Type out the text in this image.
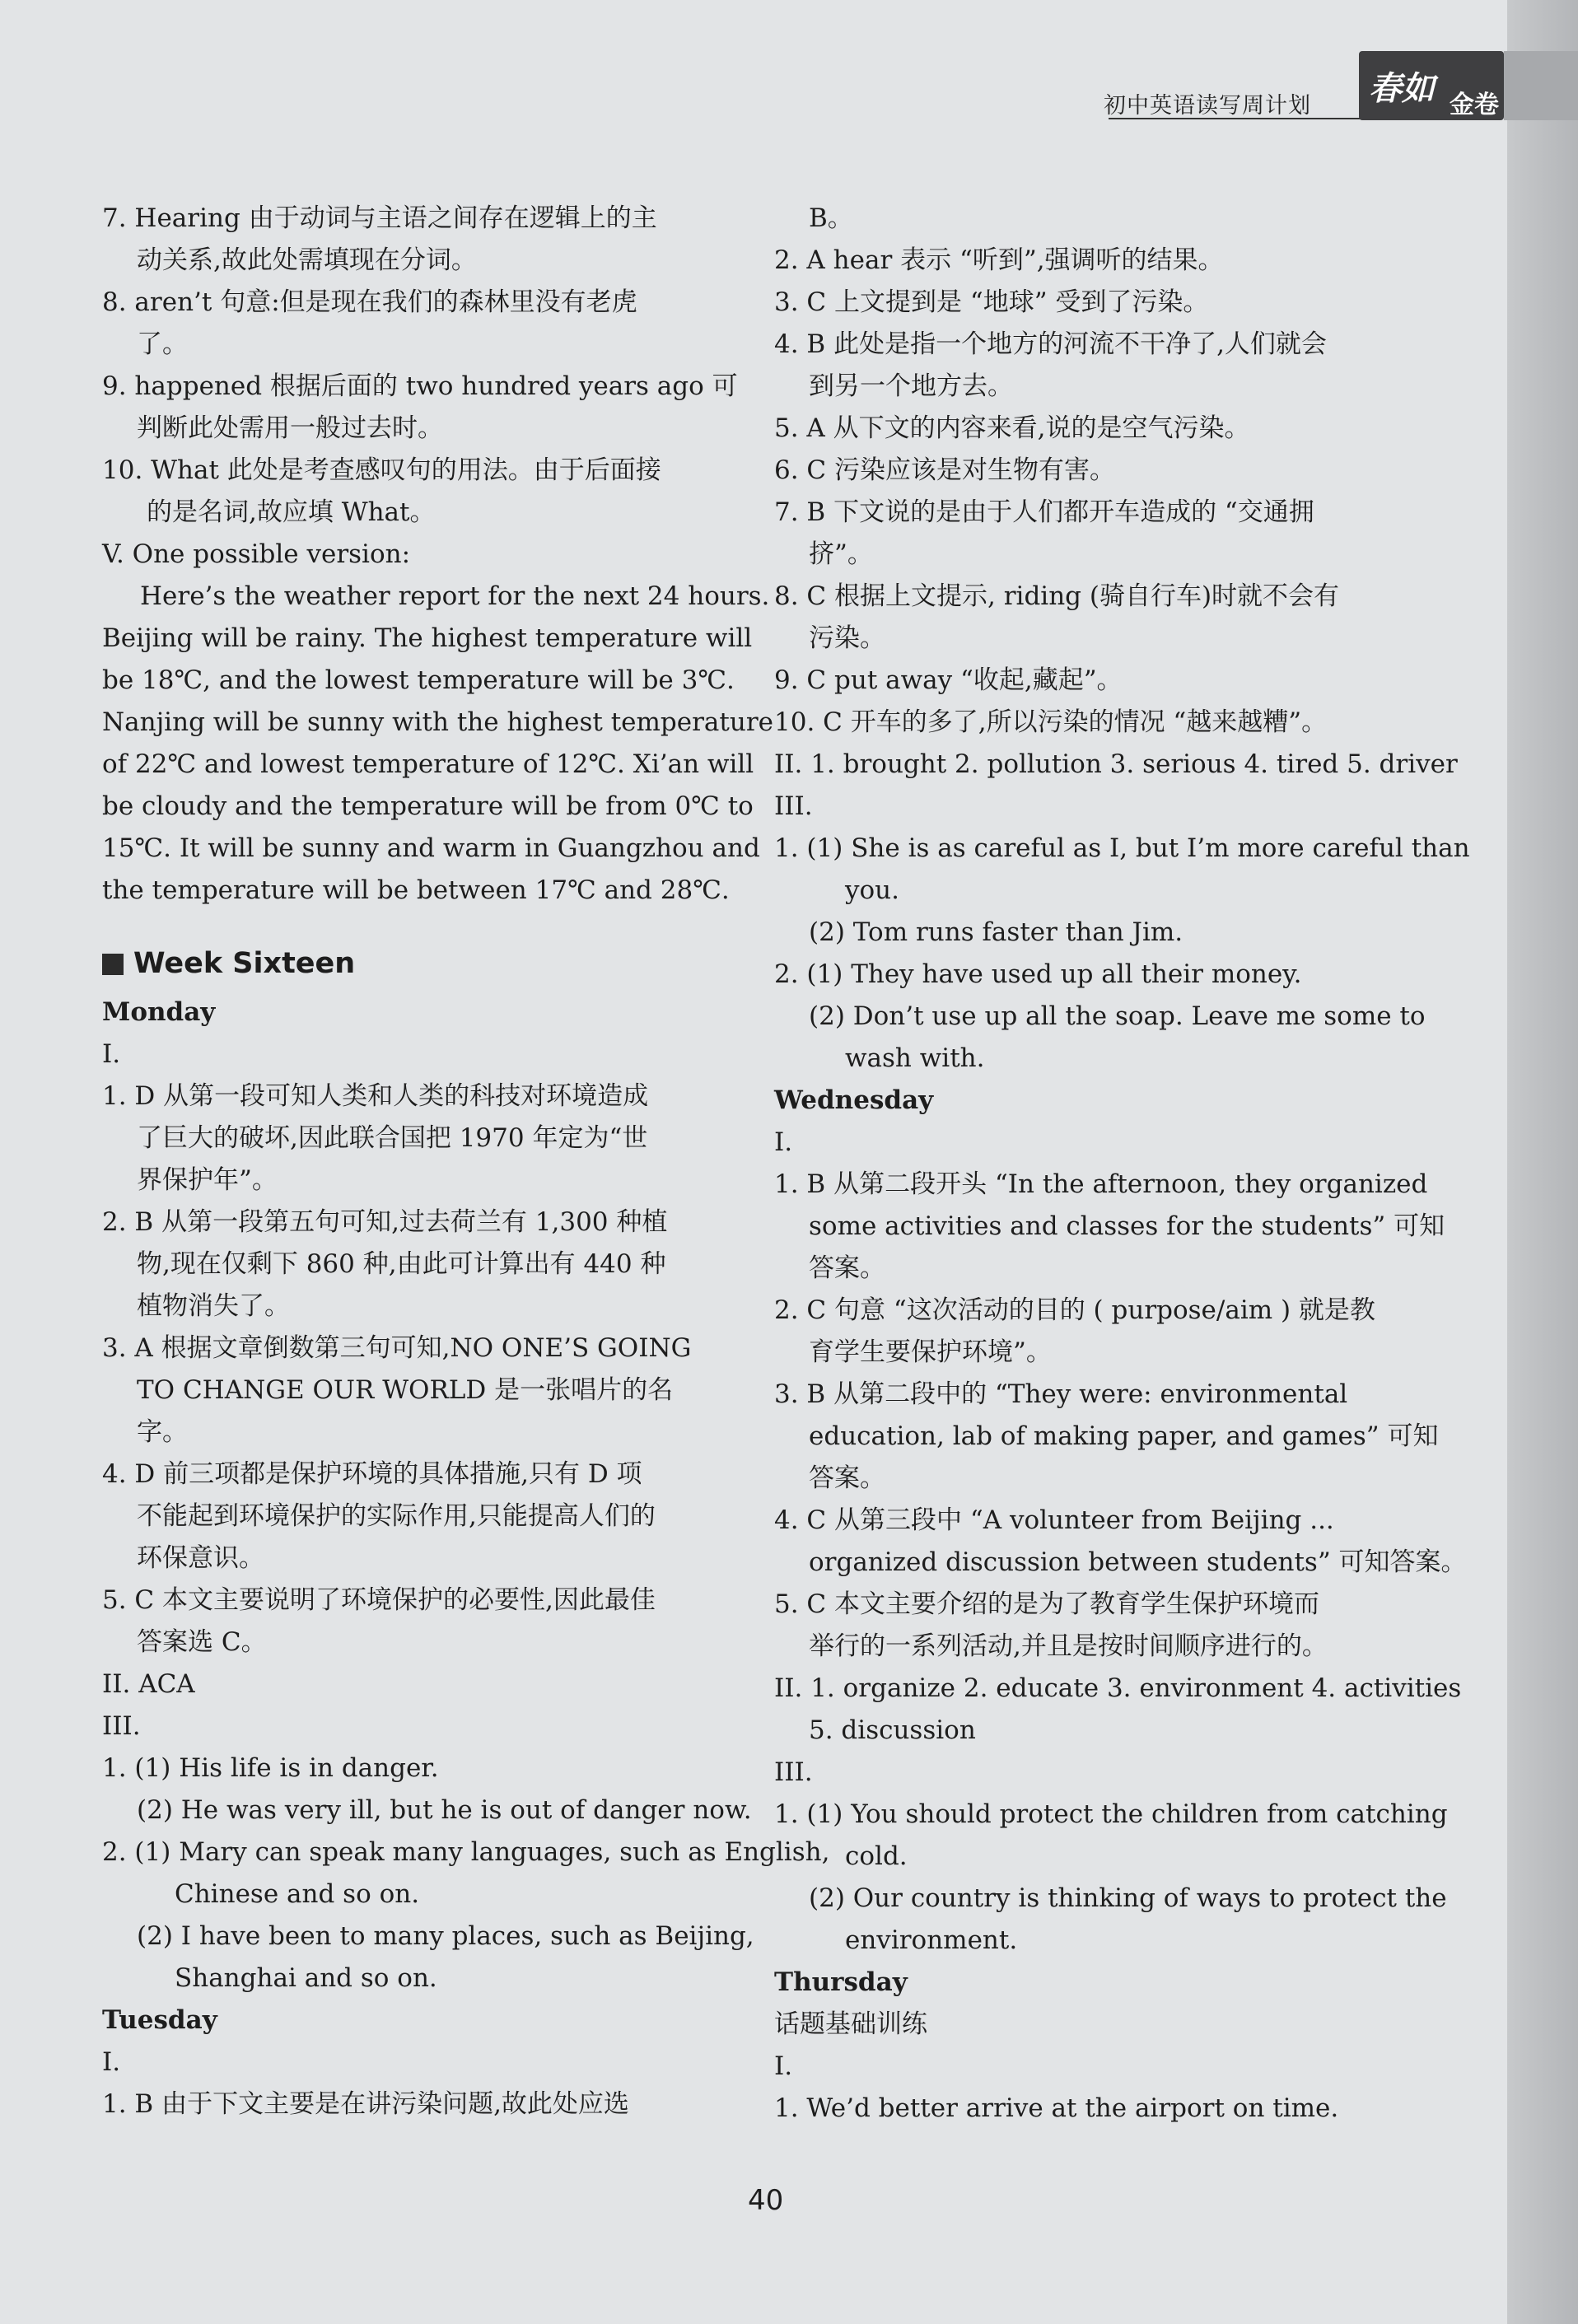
初中英语读写周计划 春如 金卷
7. Hearing 由于动词与主语之间存在逻辑上的主
动关系,故此处需填现在分词。
8. aren’t 句意:但是现在我们的森林里没有老虎
了。
9. happened 根据后面的 two hundred years ago 可
判断此处需用一般过去时。
10. What 此处是考查感叹句的用法。由于后面接
的是名词,故应填 What。
V. One possible version:
Here’s the weather report for the next 24 hours.
Beijing will be rainy. The highest temperature will
be 18℃, and the lowest temperature will be 3℃.
Nanjing will be sunny with the highest temperature
of 22℃ and lowest temperature of 12℃. Xi’an will
be cloudy and the temperature will be from 0℃ to
15℃. It will be sunny and warm in Guangzhou and
the temperature will be between 17℃ and 28℃.
Week Sixteen
Monday
I.
1. D 从第一段可知人类和人类的科技对环境造成
了巨大的破坏,因此联合国把 1970 年定为“世
界保护年”。
2. B 从第一段第五句可知,过去荷兰有 1,300 种植
物,现在仅剩下 860 种,由此可计算出有 440 种
植物消失了。
3. A 根据文章倒数第三句可知,NO ONE’S GOING
TO CHANGE OUR WORLD 是一张唱片的名
字。
4. D 前三项都是保护环境的具体措施,只有 D 项
不能起到环境保护的实际作用,只能提高人们的
环保意识。
5. C 本文主要说明了环境保护的必要性,因此最佳
答案选 C。
II. ACA
III.
1. (1) His life is in danger.
(2) He was very ill, but he is out of danger now.
2. (1) Mary can speak many languages, such as English,
Chinese and so on.
(2) I have been to many places, such as Beijing,
Shanghai and so on.
Tuesday
I.
1. B 由于下文主要是在讲污染问题,故此处应选
B。
2. A hear 表示 “听到”,强调听的结果。
3. C 上文提到是 “地球” 受到了污染。
4. B 此处是指一个地方的河流不干净了,人们就会
到另一个地方去。
5. A 从下文的内容来看,说的是空气污染。
6. C 污染应该是对生物有害。
7. B 下文说的是由于人们都开车造成的 “交通拥
挤”。
8. C 根据上文提示, riding (骑自行车)时就不会有
污染。
9. C put away “收起,藏起”。
10. C 开车的多了,所以污染的情况 “越来越糟”。
II. 1. brought 2. pollution 3. serious 4. tired 5. driver
III.
1. (1) She is as careful as I, but I’m more careful than
you.
(2) Tom runs faster than Jim.
2. (1) They have used up all their money.
(2) Don’t use up all the soap. Leave me some to
wash with.
Wednesday
I.
1. B 从第二段开头 “In the afternoon, they organized
some activities and classes for the students” 可知
答案。
2. C 句意 “这次活动的目的 ( purpose/aim ) 就是教
育学生要保护环境”。
3. B 从第二段中的 “They were: environmental
education, lab of making paper, and games” 可知
答案。
4. C 从第三段中 “A volunteer from Beijing ...
organized discussion between students” 可知答案。
5. C 本文主要介绍的是为了教育学生保护环境而
举行的一系列活动,并且是按时间顺序进行的。
II. 1. organize 2. educate 3. environment 4. activities
5. discussion
III.
1. (1) You should protect the children from catching
cold.
(2) Our country is thinking of ways to protect the
environment.
Thursday
话题基础训练
I.
1. We’d better arrive at the airport on time.
40
